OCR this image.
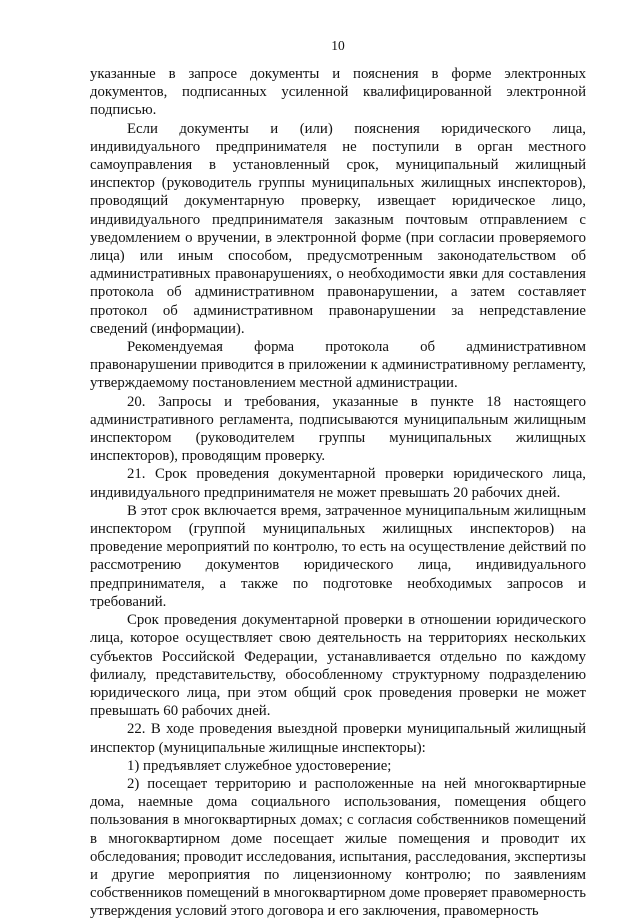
10

указанные в запросе документы и пояснения в форме электронных документов, подписанных усиленной квалифицированной электронной подписью.

Если документы и (или) пояснения юридического лица, индивидуального предпринимателя не поступили в орган местного самоуправления в установленный срок, муниципальный жилищный инспектор (руководитель группы муниципальных жилищных инспекторов), проводящий документарную проверку, извещает юридическое лицо, индивидуального предпринимателя заказным почтовым отправлением с уведомлением о вручении, в электронной форме (при согласии проверяемого лица) или иным способом, предусмотренным законодательством об административных правонарушениях, о необходимости явки для составления протокола об административном правонарушении, а затем составляет протокол об административном правонарушении за непредставление сведений (информации).

Рекомендуемая форма протокола об административном правонарушении приводится в приложении к административному регламенту, утверждаемому постановлением местной администрации.

20. Запросы и требования, указанные в пункте 18 настоящего административного регламента, подписываются муниципальным жилищным инспектором (руководителем группы муниципальных жилищных инспекторов), проводящим проверку.

21. Срок проведения документарной проверки юридического лица, индивидуального предпринимателя не может превышать 20 рабочих дней.

В этот срок включается время, затраченное муниципальным жилищным инспектором (группой муниципальных жилищных инспекторов) на проведение мероприятий по контролю, то есть на осуществление действий по рассмотрению документов юридического лица, индивидуального предпринимателя, а также по подготовке необходимых запросов и требований.

Срок проведения документарной проверки в отношении юридического лица, которое осуществляет свою деятельность на территориях нескольких субъектов Российской Федерации, устанавливается отдельно по каждому филиалу, представительству, обособленному структурному подразделению юридического лица, при этом общий срок проведения проверки не может превышать 60 рабочих дней.

22. В ходе проведения выездной проверки муниципальный жилищный инспектор (муниципальные жилищные инспекторы):

1) предъявляет служебное удостоверение;

2) посещает территорию и расположенные на ней многоквартирные дома, наемные дома социального использования, помещения общего пользования в многоквартирных домах; с согласия собственников помещений в многоквартирном доме посещает жилые помещения и проводит их обследования; проводит исследования, испытания, расследования, экспертизы и другие мероприятия по лицензионному контролю; по заявлениям собственников помещений в многоквартирном доме проверяет правомерность утверждения условий этого договора и его заключения, правомерность
